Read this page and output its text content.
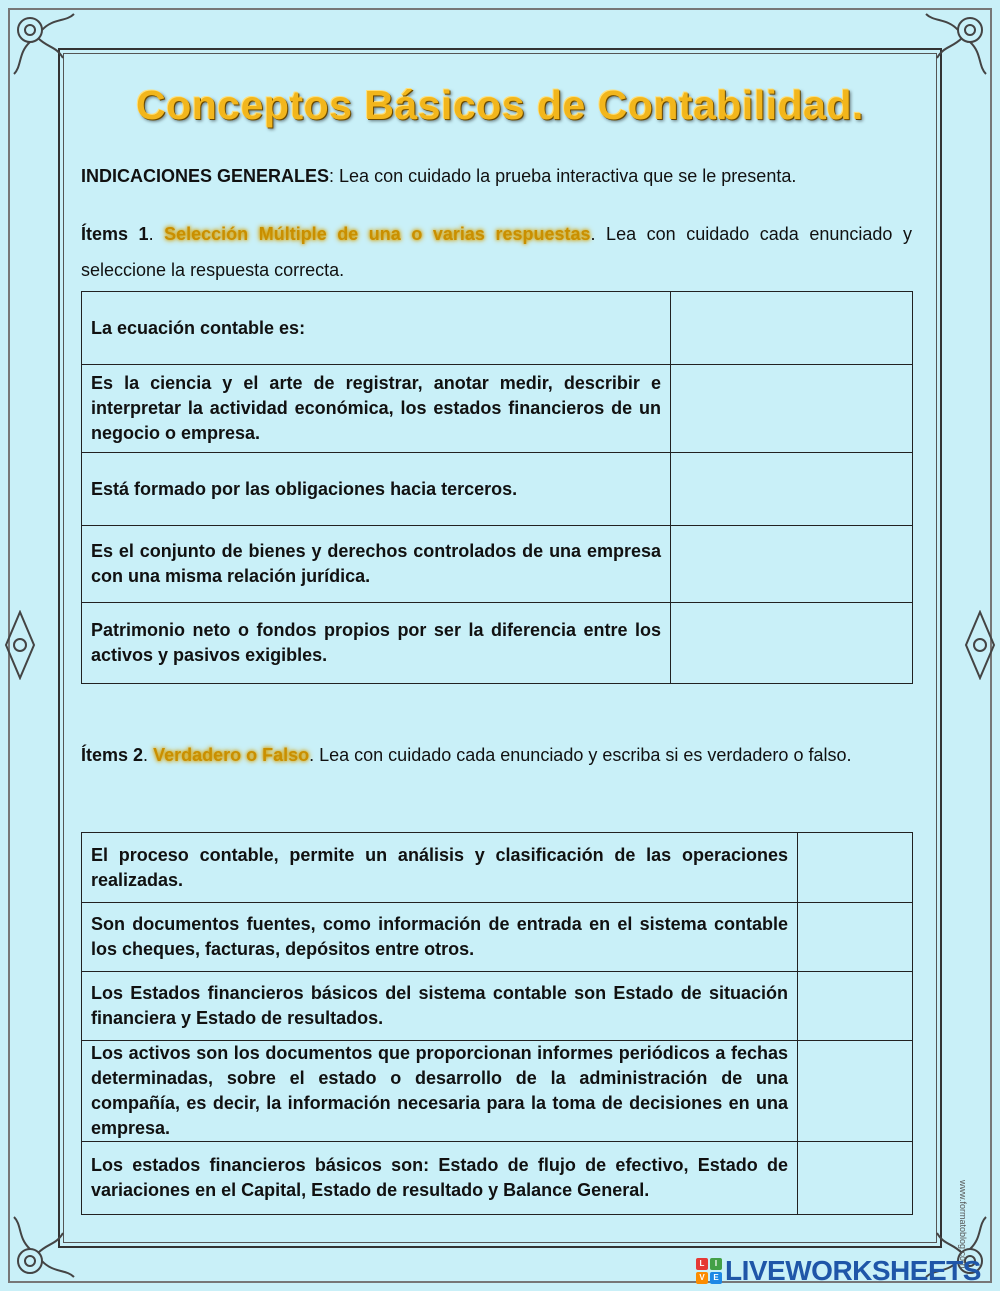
Conceptos Básicos de Contabilidad.
INDICACIONES GENERALES: Lea con cuidado la prueba interactiva que se le presenta.
Ítems 1. Selección Múltiple de una o varias respuestas. Lea con cuidado cada enunciado y seleccione la respuesta correcta.
La ecuación contable es:	
Es la ciencia y el arte de registrar, anotar medir, describir e interpretar la actividad económica, los estados financieros de un negocio o empresa.	
Está formado por las obligaciones hacia terceros.	
Es el conjunto de bienes y derechos controlados de una empresa con una misma relación jurídica.	
Patrimonio neto o fondos propios por ser la diferencia entre los activos y pasivos exigibles.	
Ítems 2. Verdadero o Falso. Lea con cuidado cada enunciado y escriba si es verdadero o falso.
El proceso contable, permite un análisis y clasificación de las operaciones realizadas.	
Son documentos fuentes, como información de entrada en el sistema contable los cheques, facturas, depósitos entre otros.	
Los Estados financieros básicos del sistema contable son Estado de situación financiera y Estado de resultados.	
Los activos son los documentos que proporcionan informes periódicos a fechas determinadas, sobre el estado o desarrollo de la administración de una compañía, es decir, la información necesaria para la toma de decisiones en una empresa.	
Los estados financieros básicos son: Estado de flujo de efectivo, Estado de variaciones en el Capital, Estado de resultado y Balance General.		www.formatoblog.com
L	I
V	E LIVEWORKSHEETS
